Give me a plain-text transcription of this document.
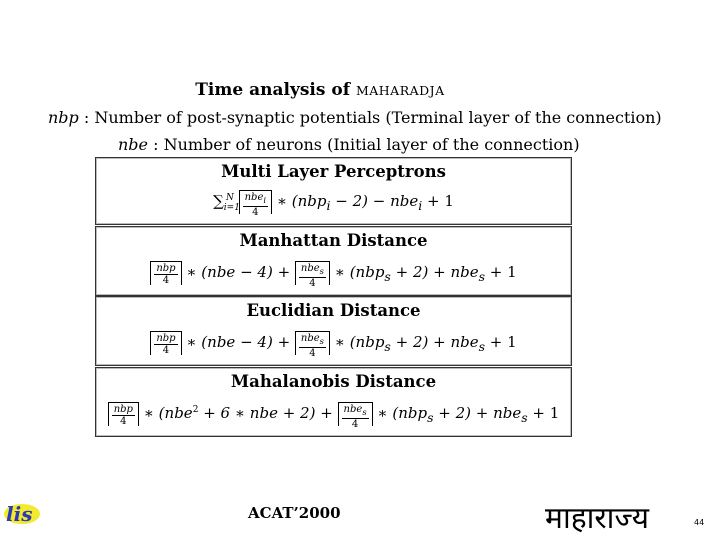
Time analysis of MAHARADJA
nbp : Number of post-synaptic potentials (Terminal layer of the connection)
nbe : Number of neurons (Initial layer of the connection)
Multi Layer Perceptrons
$\sum_{i=1}^N \frac{nbe_i}{4}$ ∗ (nbp$_i$ − 2) − nbe$_i$ + 1
Manhattan Distance
$\frac{\text{nbp}}{4}$ ∗ $(nbe - 4) + \frac{nbe_s}{4}$ ∗ (nbp$_s$ + 2) + nbe$_s$ + 1
Euclidian Distance
$\frac{\text{nbp}}{4}$ ∗ $(nbe - 4) + \frac{nbe_s}{4}$ ∗ (nbp$_s$ + 2) + nbe$_s$ + 1
Mahalanobis Distance
$\frac{\text{nbp}}{4}$ ∗ (nbe$^2$ + 6 ∗ nbe + $2) + \frac{nbe_s}{4}$ ∗ (nbp$_s$ + 2) + nbe$_s$ + 1
lis	ACAT’2000	माहाराज्य	44
